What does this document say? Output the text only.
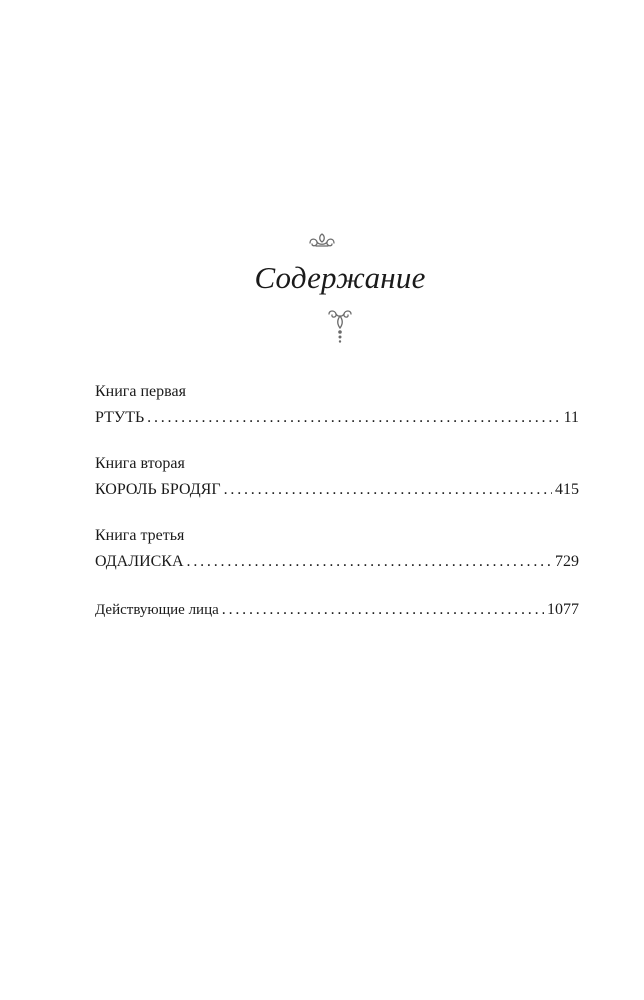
Содержание
Книга первая
РТУТЬ . . .	11
Книга вторая
КОРОЛЬ БРОДЯГ . . .	415
Книга третья
ОДАЛИСКА . . .	729
Действующие лица . . .	1077
